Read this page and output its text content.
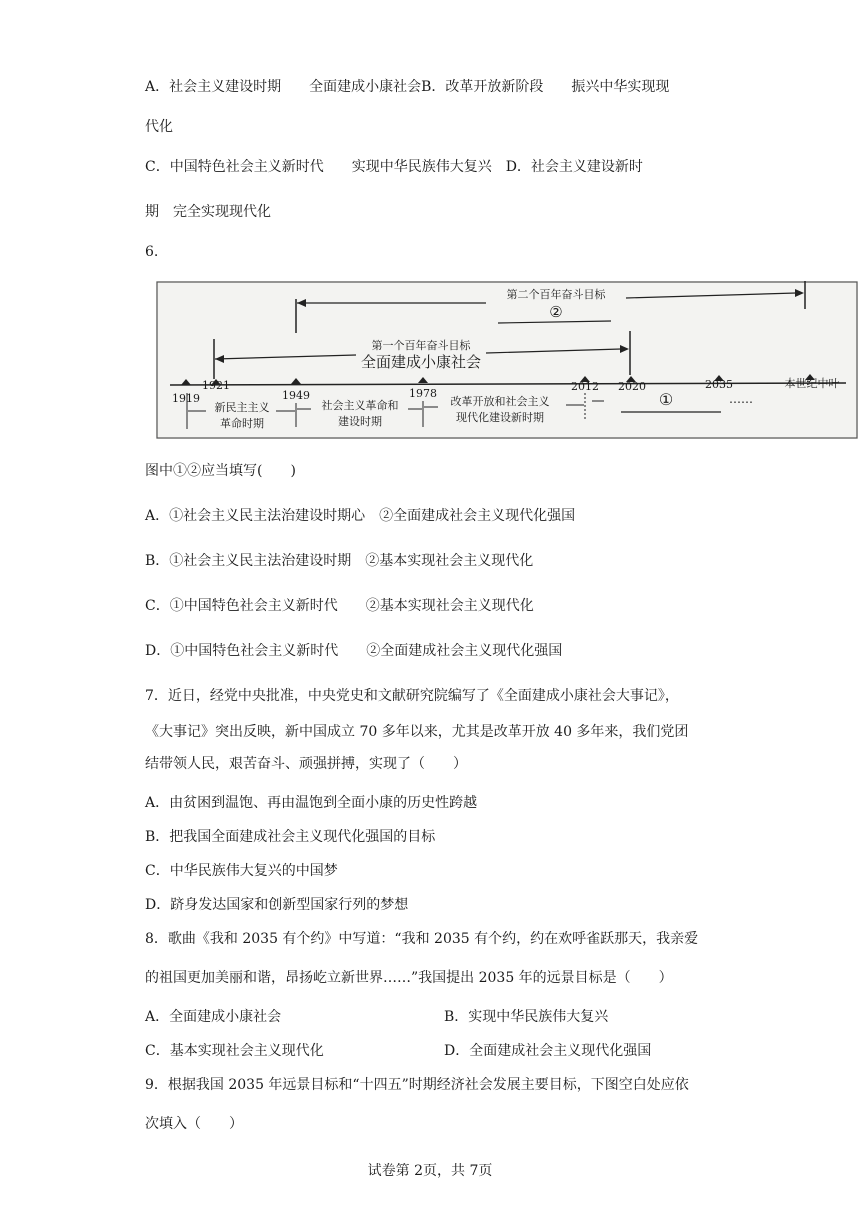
A．社会主义建设时期　　全面建成小康社会B．改革开放新阶段　　振兴中华实现现
代化
C．中国特色社会主义新时代　　实现中华民族伟大复兴　D．社会主义建设新时
期　完全实现现代化
6.
第二个百年奋斗目标
②
第一个百年奋斗目标
全面建成小康社会
1919
1921
1949	1978
2012 2020	2035	本世纪中叶
新民主主义
革命时期
社会主义革命和
建设时期
改革开放和社会主义
现代化建设新时期
①	……
图中①②应当填写(　　)
A．①社会主义民主法治建设时期心　②全面建成社会主义现代化强国
B．①社会主义民主法治建设时期　②基本实现社会主义现代化
C．①中国特色社会主义新时代　　②基本实现社会主义现代化
D．①中国特色社会主义新时代　　②全面建成社会主义现代化强国
7．近日，经党中央批准，中央党史和文献研究院编写了《全面建成小康社会大事记》，
《大事记》突出反映，新中国成立 70 多年以来，尤其是改革开放 40 多年来，我们党团
结带领人民，艰苦奋斗、顽强拼搏，实现了（　　）
A．由贫困到温饱、再由温饱到全面小康的历史性跨越
B．把我国全面建成社会主义现代化强国的目标
C．中华民族伟大复兴的中国梦
D．跻身发达国家和创新型国家行列的梦想
8．歌曲《我和 2035 有个约》中写道：“我和 2035 有个约，约在欢呼雀跃那天，我亲爱
的祖国更加美丽和谐，昂扬屹立新世界……”我国提出 2035 年的远景目标是（　　）
A．全面建成小康社会	B．实现中华民族伟大复兴
C．基本实现社会主义现代化	D．全面建成社会主义现代化强国
9．根据我国 2035 年远景目标和“十四五”时期经济社会发展主要目标，下图空白处应依
次填入（　　）
试卷第 2页，共 7页
